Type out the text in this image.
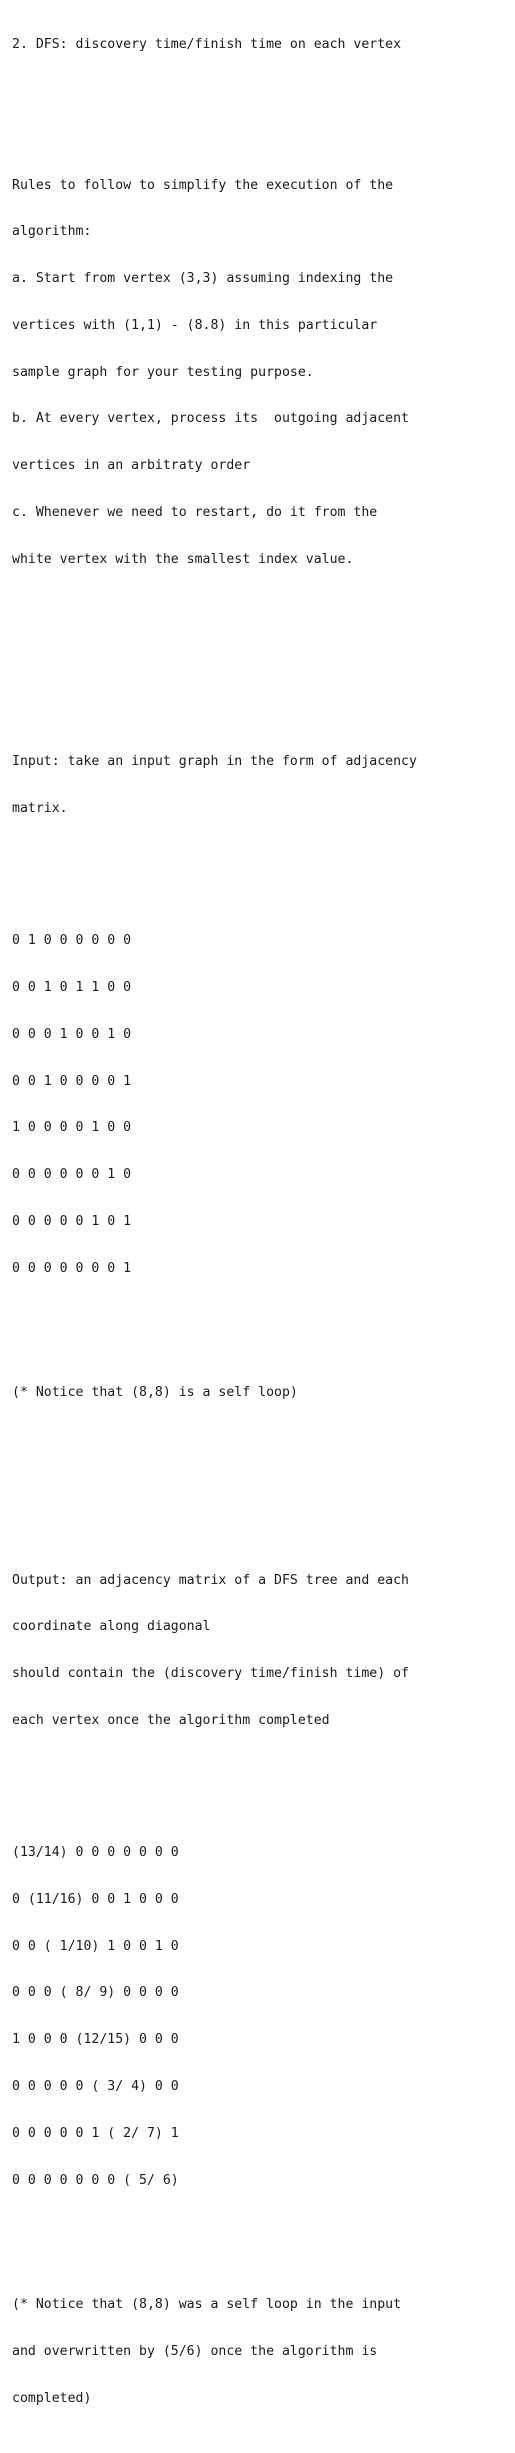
2. DFS: discovery time/finish time on each vertex

Rules to follow to simplify the execution of the

algorithm:

a. Start from vertex (3,3) assuming indexing the

vertices with (1,1) - (8.8) in this particular

sample graph for your testing purpose.

b. At every vertex, process its  outgoing adjacent

vertices in an arbitraty order

c. Whenever we need to restart, do it from the

white vertex with the smallest index value.

Input: take an input graph in the form of adjacency

matrix.

0 1 0 0 0 0 0 0

0 0 1 0 1 1 0 0

0 0 0 1 0 0 1 0

0 0 1 0 0 0 0 1

1 0 0 0 0 1 0 0

0 0 0 0 0 0 1 0

0 0 0 0 0 1 0 1

0 0 0 0 0 0 0 1

(* Notice that (8,8) is a self loop)

Output: an adjacency matrix of a DFS tree and each

coordinate along diagonal

should contain the (discovery time/finish time) of

each vertex once the algorithm completed

(13/14) 0 0 0 0 0 0 0

0 (11/16) 0 0 1 0 0 0

0 0 ( 1/10) 1 0 0 1 0

0 0 0 ( 8/ 9) 0 0 0 0

1 0 0 0 (12/15) 0 0 0

0 0 0 0 0 ( 3/ 4) 0 0

0 0 0 0 0 1 ( 2/ 7) 1

0 0 0 0 0 0 0 ( 5/ 6)

(* Notice that (8,8) was a self loop in the input

and overwritten by (5/6) once the algorithm is

completed)
